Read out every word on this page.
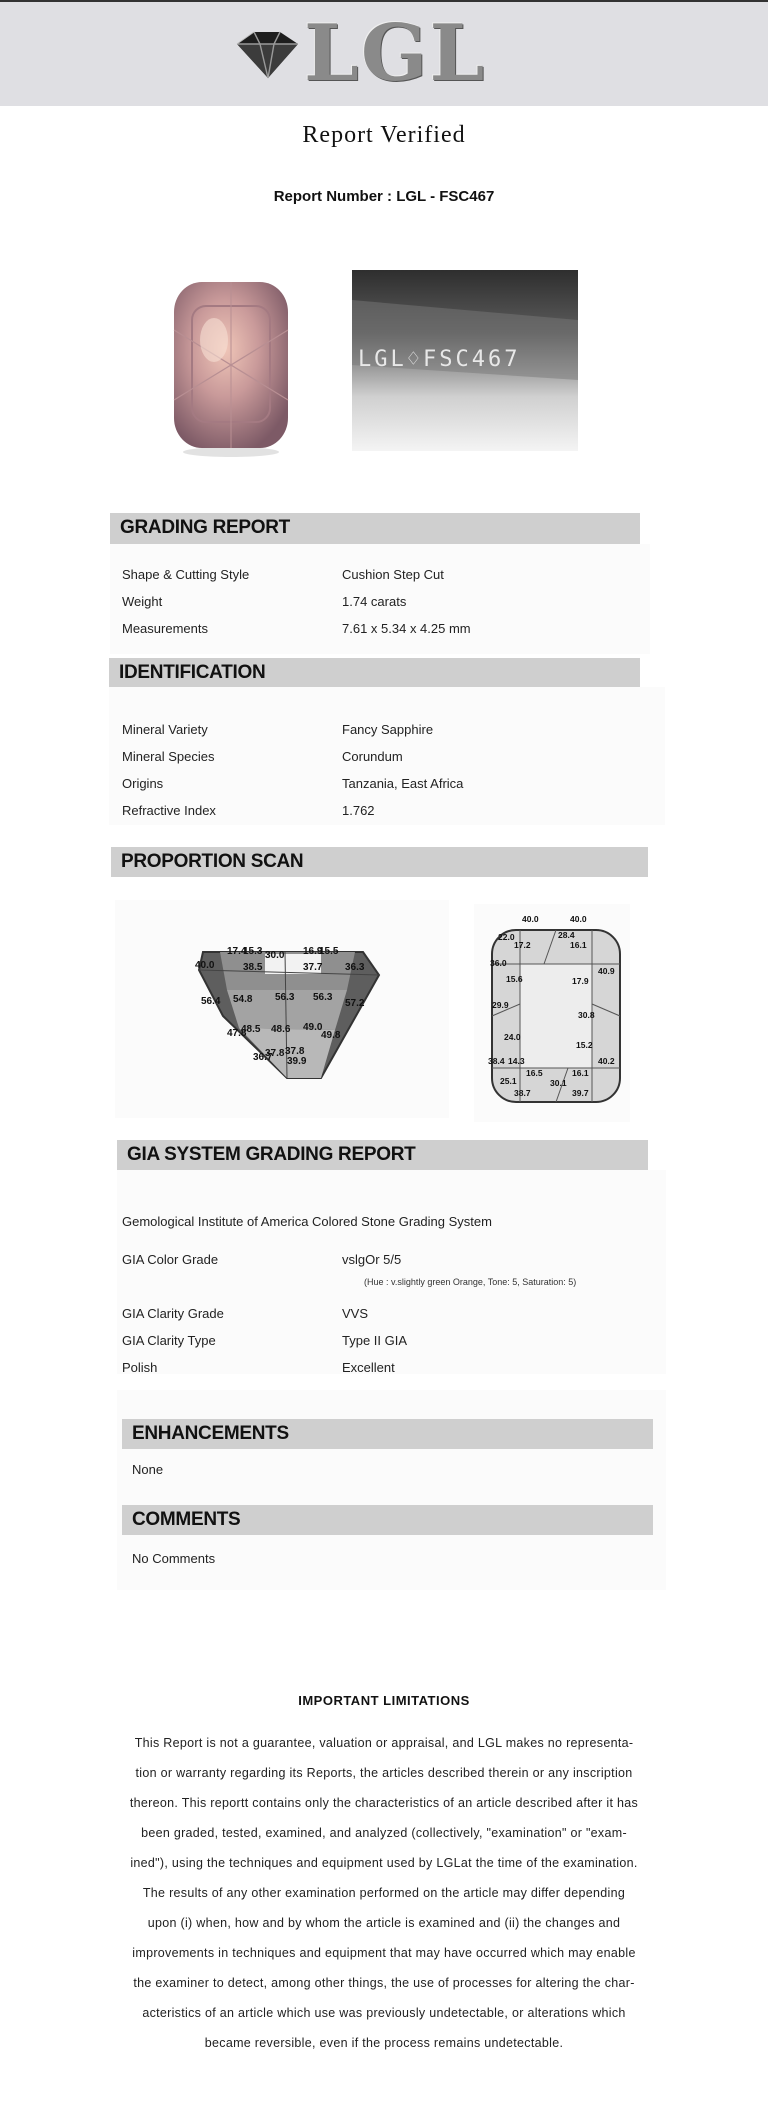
LGL
Report Verified
Report Number : LGL - FSC467
LGL♢FSC467
GRADING REPORT
Shape & Cutting Style	Cushion Step Cut
Weight	1.74 carats
Measurements	7.61 x 5.34 x 4.25 mm
IDENTIFICATION
Mineral Variety	Fancy Sapphire
Mineral Species	Corundum
Origins	Tanzania, East Africa
Refractive Index	1.762
PROPORTION SCAN
17.4
15.3 30.0 16.9
15.5
40.0	38.5	37.7 36.3
56.4 54.8 56.3 56.3
57.2
48.5 48.6 49.0
47.8	49.8
37.8 37.8
36.7 39.9
40.0	40.0
22.0	28.4
17.2	16.1
36.0
15.6
40.9
17.9
29.9
30.8
24.0
15.2
38.4 14.3	40.2
16.5	16.1
25.1	30.1
38.7	39.7
GIA SYSTEM GRADING REPORT
Gemological Institute of America Colored Stone Grading System
GIA Color Grade	vslgOr 5/5
(Hue : v.slightly green Orange, Tone: 5, Saturation: 5)
GIA Clarity Grade	VVS
GIA Clarity Type	Type II GIA
Polish	Excellent
ENHANCEMENTS
None
COMMENTS
No Comments
IMPORTANT LIMITATIONS
This Report is not a guarantee, valuation or appraisal, and LGL makes no representa-
tion or warranty regarding its Reports, the articles described therein or any inscription
thereon. This reportt contains only the characteristics of an article described after it has
been graded, tested, examined, and analyzed (collectively, "examination" or "exam-
ined"), using the techniques and equipment used by LGLat the time of the examination.
The results of any other examination performed on the article may differ depending
upon (i) when, how and by whom the article is examined and (ii) the changes and
improvements in techniques and equipment that may have occurred which may enable
the examiner to detect, among other things, the use of processes for altering the char-
acteristics of an article which use was previously undetectable, or alterations which
became reversible, even if the process remains undetectable.
